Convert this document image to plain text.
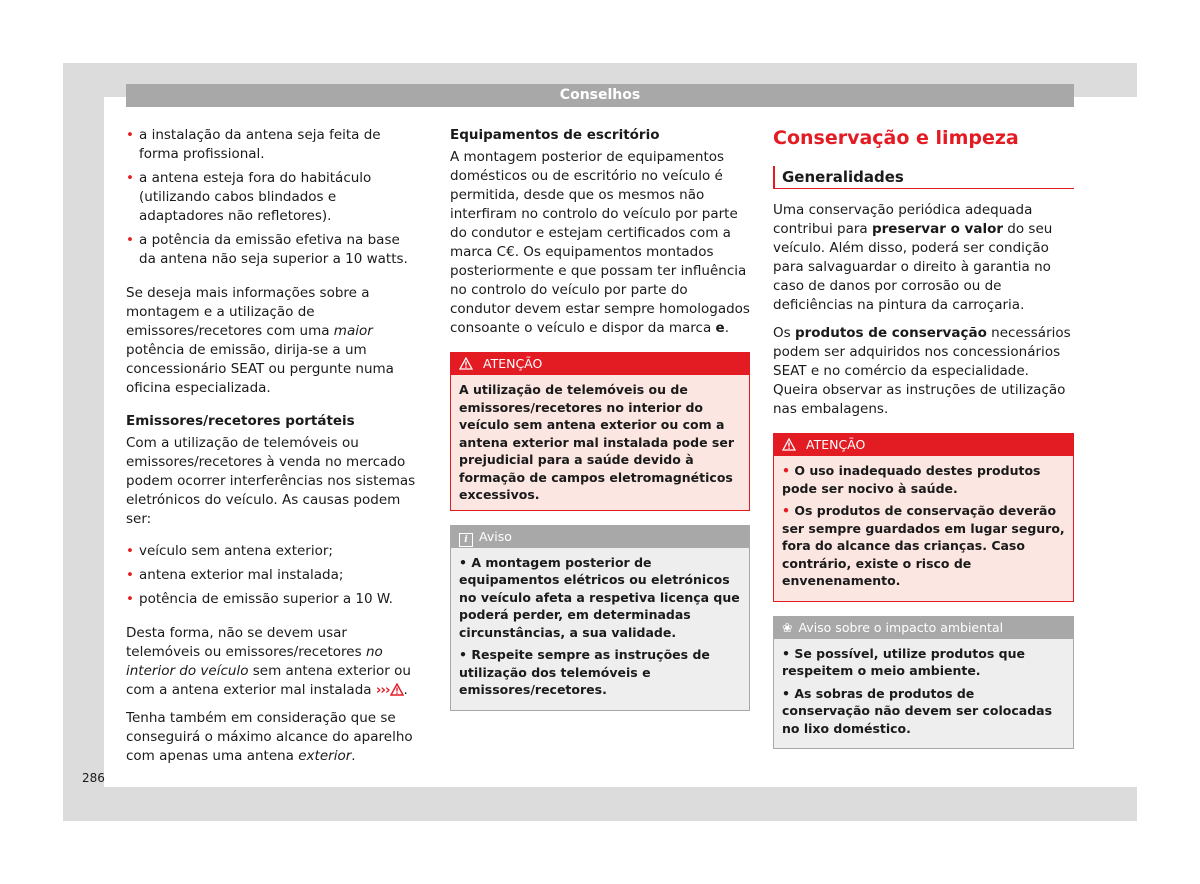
Conselhos
• a instalação da antena seja feita de forma profissional.
• a antena esteja fora do habitáculo (utilizando cabos blindados e adaptadores não refletores).
• a potência da emissão efetiva na base da antena não seja superior a 10 watts.

Se deseja mais informações sobre a montagem e a utilização de emissores/recetores com uma maior potência de emissão, dirija-se a um concessionário SEAT ou pergunte numa oficina especializada.

Emissores/recetores portáteis

Com a utilização de telemóveis ou emissores/recetores à venda no mercado podem ocorrer interferências nos sistemas eletrónicos do veículo. As causas podem ser:

• veículo sem antena exterior;
• antena exterior mal instalada;
• potência de emissão superior a 10 W.

Desta forma, não se devem usar telemóveis ou emissores/recetores no interior do veículo sem antena exterior ou com a antena exterior mal instalada ››› .

Tenha também em consideração que se conseguirá o máximo alcance do aparelho com apenas uma antena exterior.

Equipamentos de escritório

A montagem posterior de equipamentos domésticos ou de escritório no veículo é permitida, desde que os mesmos não interfiram no controlo do veículo por parte do condutor e estejam certificados com a marca C€. Os equipamentos montados posteriormente e que possam ter influência no controlo do veículo por parte do condutor devem estar sempre homologados consoante o veículo e dispor da marca e.

ATENÇÃO
A utilização de telemóveis ou de emissores/recetores no interior do veículo sem antena exterior ou com a antena exterior mal instalada pode ser prejudicial para a saúde devido à formação de campos eletromagnéticos excessivos.
i Aviso

• A montagem posterior de equipamentos elétricos ou eletrónicos no veículo afeta a respetiva licença que poderá perder, em determinadas circunstâncias, a sua validade.

• Respeite sempre as instruções de utilização dos telemóveis e emissores/recetores.

Conservação e limpeza
Generalidades

Uma conservação periódica adequada contribui para preservar o valor do seu veículo. Além disso, poderá ser condição para salvaguardar o direito à garantia no caso de danos por corrosão ou de deficiências na pintura da carroçaria.

Os produtos de conservação necessários podem ser adquiridos nos concessionários SEAT e no comércio da especialidade. Queira observar as instruções de utilização nas embalagens.

ATENÇÃO

• O uso inadequado destes produtos pode ser nocivo à saúde.

• Os produtos de conservação deverão ser sempre guardados em lugar seguro, fora do alcance das crianças. Caso contrário, existe o risco de envenenamento.

❀ Aviso sobre o impacto ambiental

• Se possível, utilize produtos que respeitem o meio ambiente.

• As sobras de produtos de conservação não devem ser colocadas no lixo doméstico.

286
